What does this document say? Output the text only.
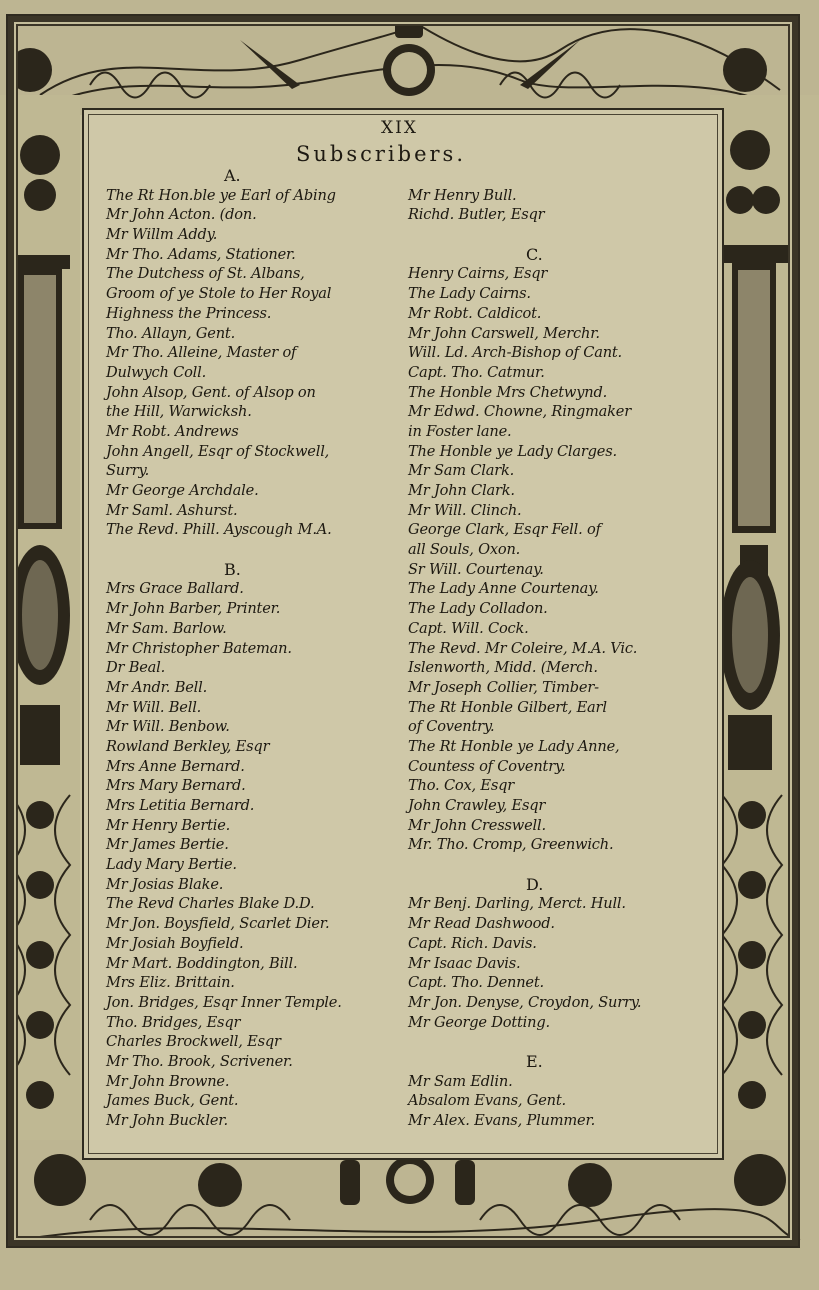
XIX
Subscribers.
A.
The Rt Hon.ble ye Earl of Abing
Mr John Acton. (don.
Mr Willm Addy.
Mr Tho. Adams, Stationer.
The Dutchess of St. Albans,
Groom of ye Stole to Her Royal
Highness the Princess.
Tho. Allayn, Gent.
Mr Tho. Alleine, Master of
Dulwych Coll.
John Alsop, Gent. of Alsop on
the Hill, Warwicksh.
Mr Robt. Andrews
John Angell, Esqr of Stockwell,
Surry.
Mr George Archdale.
Mr Saml. Ashurst.
The Revd. Phill. Ayscough M.A.
B.
Mrs Grace Ballard.
Mr John Barber, Printer.
Mr Sam. Barlow.
Mr Christopher Bateman.
Dr Beal.
Mr Andr. Bell.
Mr Will. Bell.
Mr Will. Benbow.
Rowland Berkley, Esqr
Mrs Anne Bernard.
Mrs Mary Bernard.
Mrs Letitia Bernard.
Mr Henry Bertie.
Mr James Bertie.
Lady Mary Bertie.
Mr Josias Blake.
The Revd Charles Blake D.D.
Mr Jon. Boysfield, Scarlet Dier.
Mr Josiah Boyfield.
Mr Mart. Boddington, Bill.
Mrs Eliz. Brittain.
Jon. Bridges, Esqr Inner Temple.
Tho. Bridges, Esqr
Charles Brockwell, Esqr
Mr Tho. Brook, Scrivener.
Mr John Browne.
James Buck, Gent.
Mr John Buckler.
Mr Henry Bull.
Richd. Butler, Esqr
C.
Henry Cairns, Esqr
The Lady Cairns.
Mr Robt. Caldicot.
Mr John Carswell, Merchr.
Will. Ld. Arch-Bishop of Cant.
Capt. Tho. Catmur.
The Honble Mrs Chetwynd.
Mr Edwd. Chowne, Ringmaker
in Foster lane.
The Honble ye Lady Clarges.
Mr Sam Clark.
Mr John Clark.
Mr Will. Clinch.
George Clark, Esqr Fell. of
all Souls, Oxon.
Sr Will. Courtenay.
The Lady Anne Courtenay.
The Lady Colladon.
Capt. Will. Cock.
The Revd. Mr Coleire, M.A. Vic.
Islenworth, Midd. (Merch.
Mr Joseph Collier, Timber-
The Rt Honble Gilbert, Earl
of Coventry.
The Rt Honble ye Lady Anne,
Countess of Coventry.
Tho. Cox, Esqr
John Crawley, Esqr
Mr John Cresswell.
Mr. Tho. Cromp, Greenwich.
D.
Mr Benj. Darling, Merct. Hull.
Mr Read Dashwood.
Capt. Rich. Davis.
Mr Isaac Davis.
Capt. Tho. Dennet.
Mr Jon. Denyse, Croydon, Surry.
Mr George Dotting.
E.
Mr Sam Edlin.
Absalom Evans, Gent.
Mr Alex. Evans, Plummer.
